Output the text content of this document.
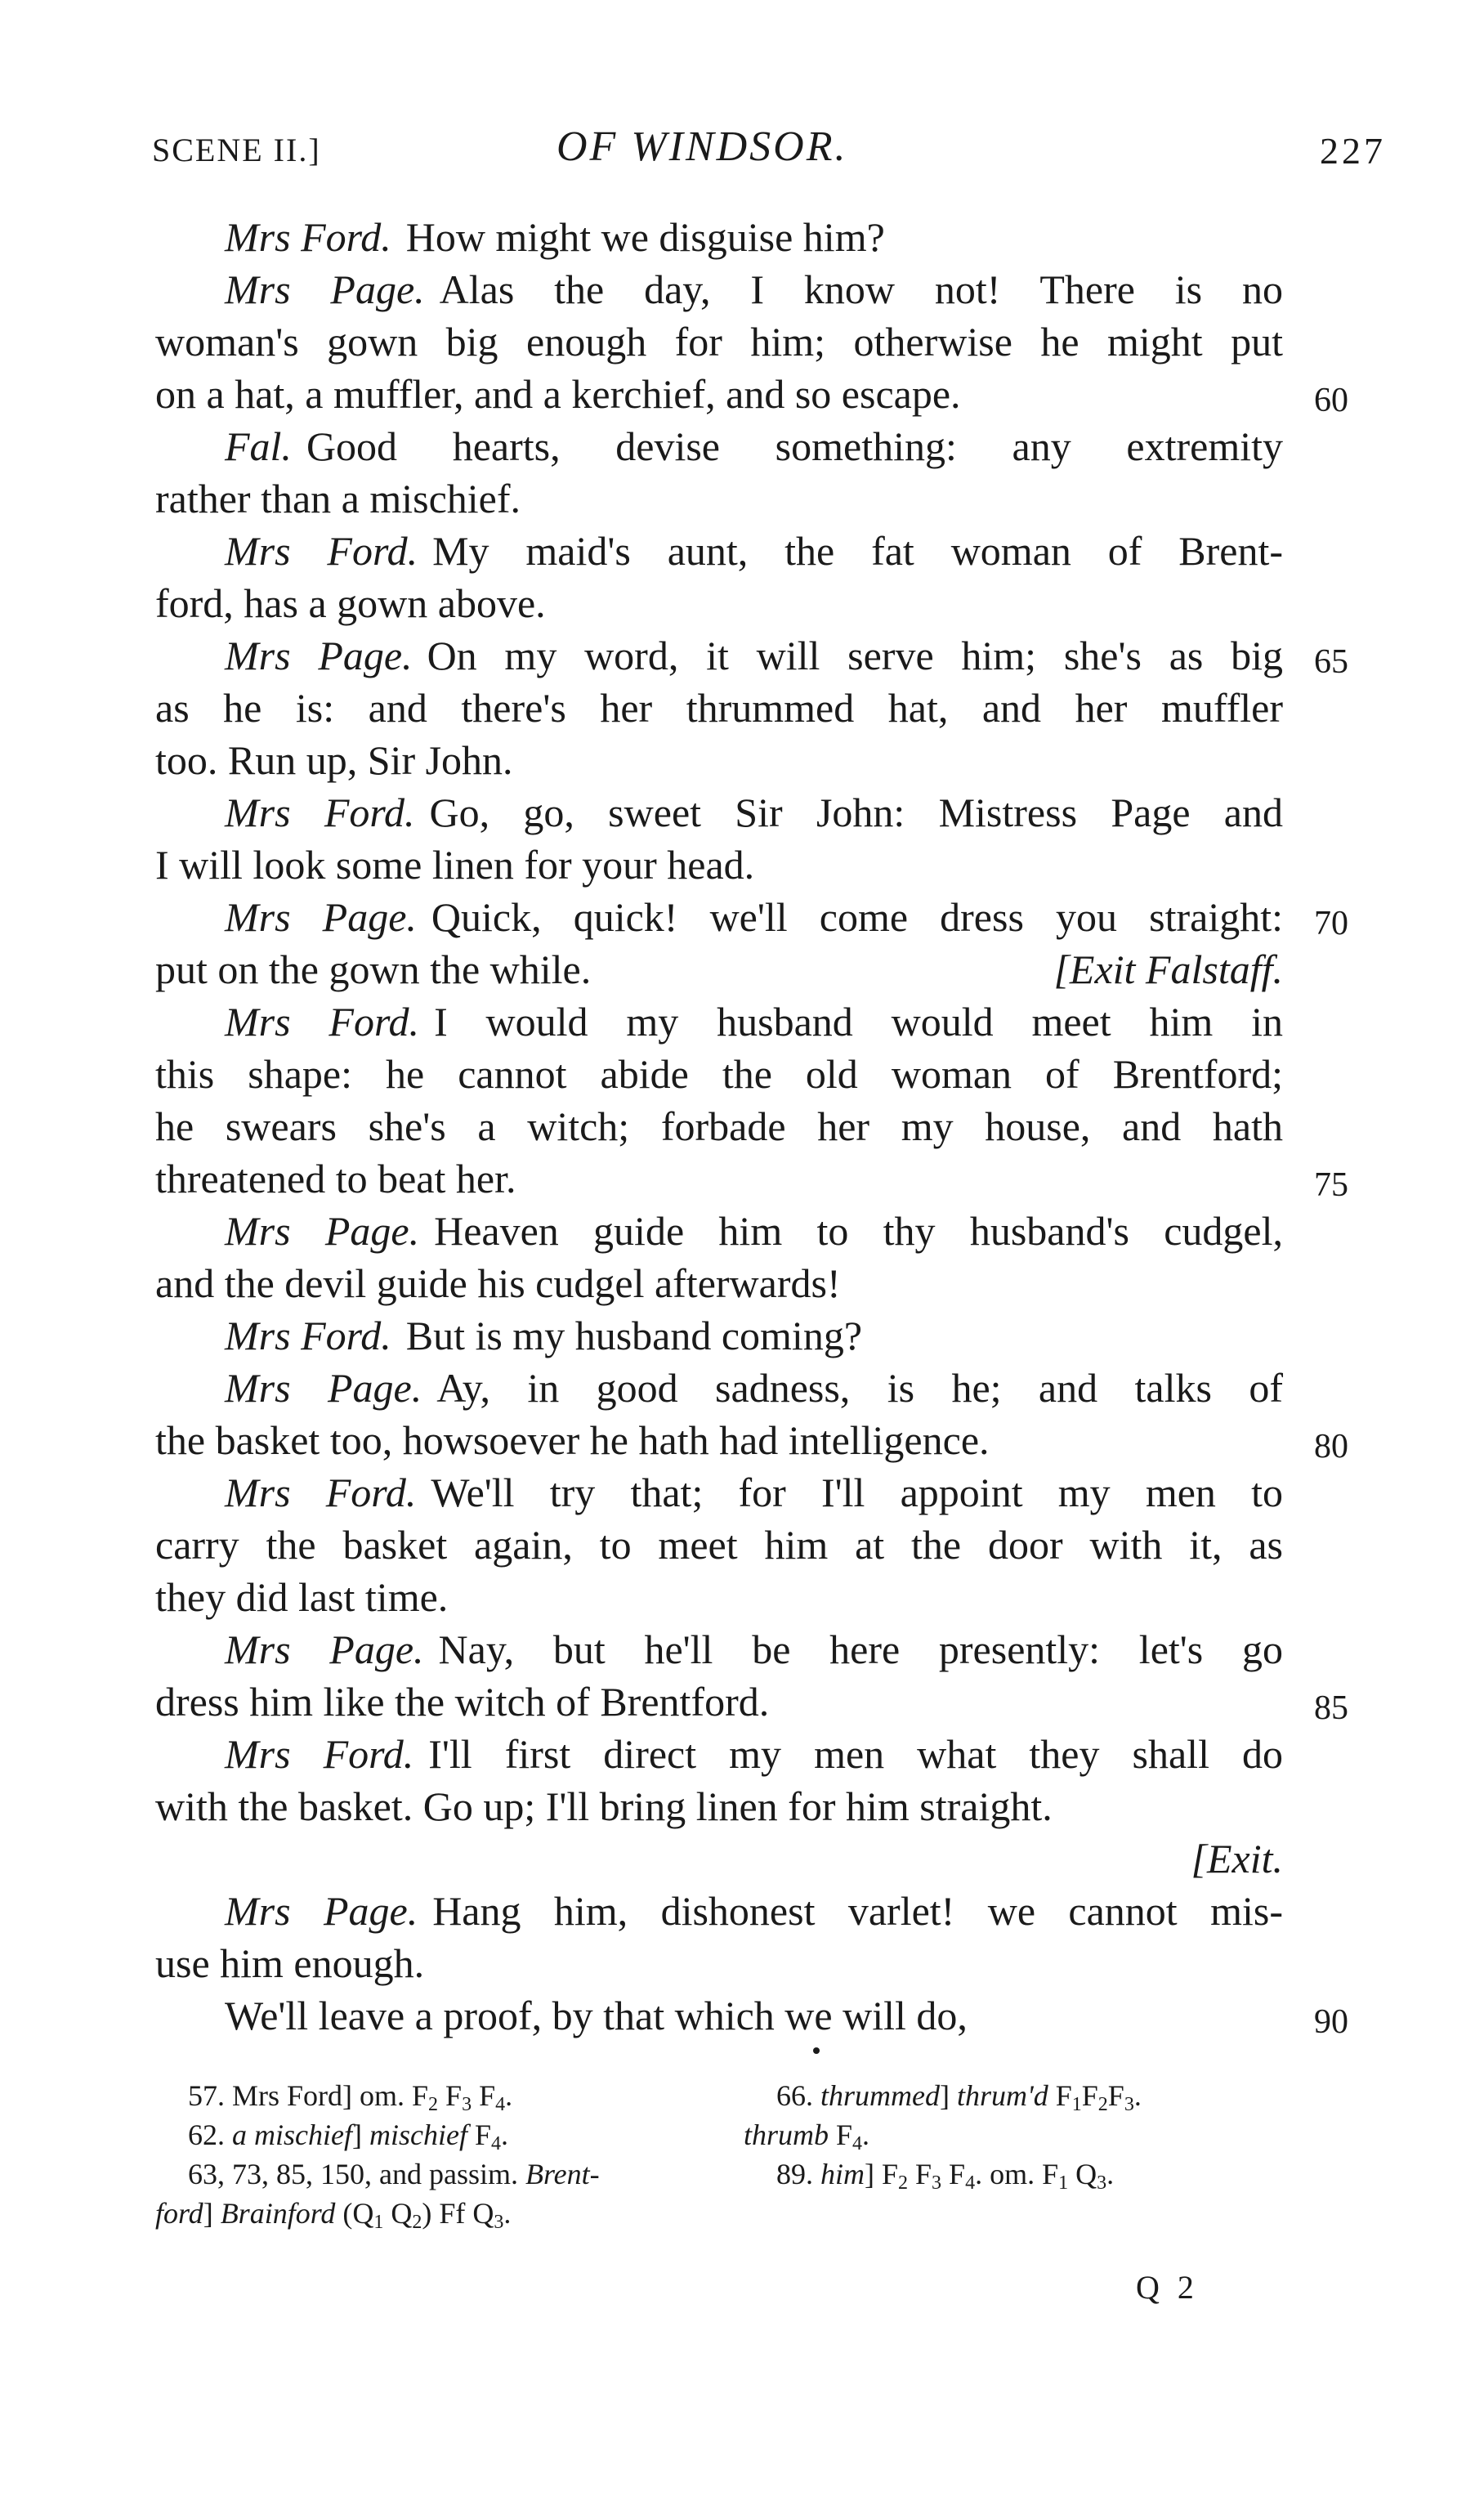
SCENE II.]	OF WINDSOR.	227
Mrs Ford. How might we disguise him?
Mrs Page. Alas the day, I know not! There is no
woman's gown big enough for him; otherwise he might put
on a hat, a muffler, and a kerchief, and so escape.	60
Fal. Good hearts, devise something: any extremity
rather than a mischief.
Mrs Ford. My maid's aunt, the fat woman of Brent-
ford, has a gown above.
Mrs Page. On my word, it will serve him; she's as big 65
as he is: and there's her thrummed hat, and her muffler
too. Run up, Sir John.
Mrs Ford. Go, go, sweet Sir John: Mistress Page and
I will look some linen for your head.
Mrs Page. Quick, quick! we'll come dress you straight: 70
put on the gown the while.	[Exit Falstaff.
Mrs Ford. I would my husband would meet him in
this shape: he cannot abide the old woman of Brentford;
he swears she's a witch; forbade her my house, and hath
threatened to beat her.	75
Mrs Page. Heaven guide him to thy husband's cudgel,
and the devil guide his cudgel afterwards!
Mrs Ford. But is my husband coming?
Mrs Page. Ay, in good sadness, is he; and talks of
the basket too, howsoever he hath had intelligence.	80
Mrs Ford. We'll try that; for I'll appoint my men to
carry the basket again, to meet him at the door with it, as
they did last time.
Mrs Page. Nay, but he'll be here presently: let's go
dress him like the witch of Brentford.	85
Mrs Ford. I'll first direct my men what they shall do
with the basket. Go up; I'll bring linen for him straight.
[Exit.
Mrs Page. Hang him, dishonest varlet! we cannot mis-
use him enough.
We'll leave a proof, by that which we will do,	90
57. Mrs Ford] om. $F_2$ $F_3$ $F_4$.
62. a mischief] mischief $F_4$.
63, 73, 85, 150, and passim. Brent-
ford] Brainford ($Q_1$ $Q_2$) Ff $Q_3$.
66. thrummed] thrum'd $F_1F_2F_3$.
thrumb $F_4$.
89. him] $F_2$ $F_3$ $F_4$. om. $F_1$ $Q_3$.
Q 2
